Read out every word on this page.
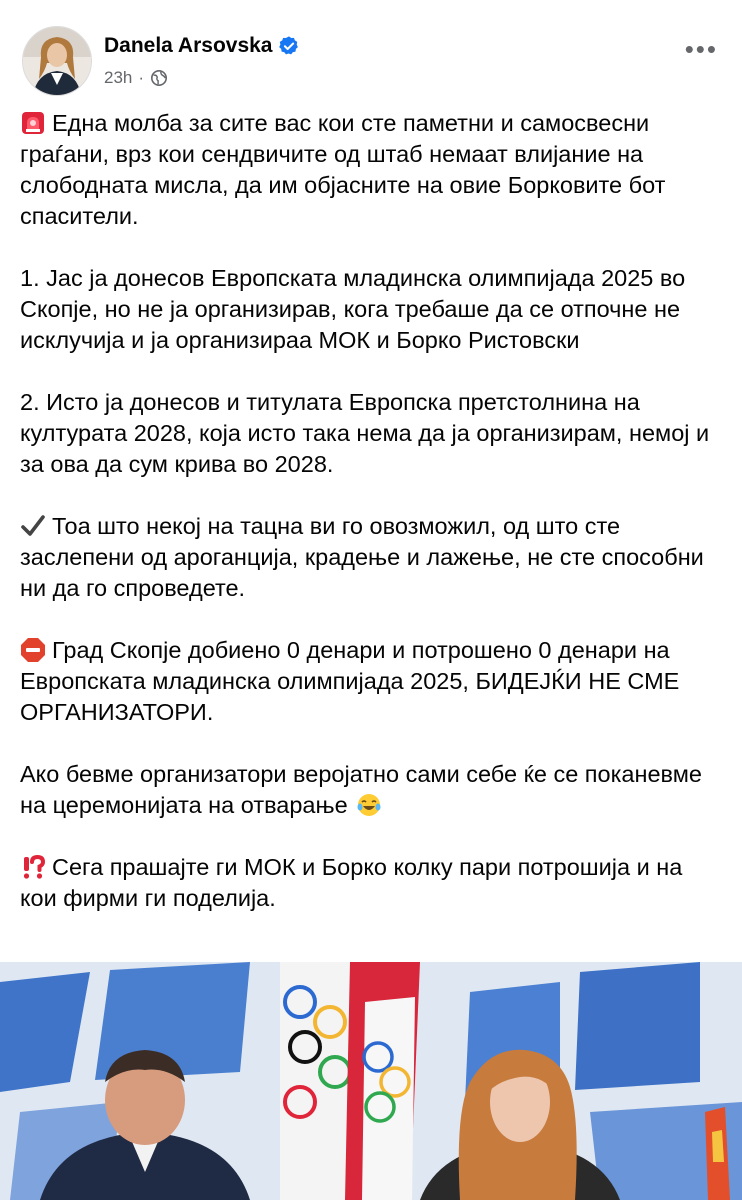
Danela Arsovska
23h ·
•••

Една молба за сите вас кои сте паметни и самосвесни граѓани, врз кои сендвичите од штаб немаат влијание на слободната мисла, да им објасните на овие Борковите бот спасители.

1. Јас ја донесов Европската младинска олимпијада 2025 во Скопје, но не ја организирав, кога требаше да се отпочне не исклучија и ја организираа МОК и Борко Ристовски

2. Исто ја донесов и титулата Европска претстолнина на културата 2028, која исто така нема да ја организирам, немој и за ова да сум крива во 2028.

Тоа што некој на тацна ви го овозможил, од што сте заслепени од ароганција, крадење и лажење, не сте способни ни да го спроведете.

Град Скопје добиено 0 денари и потрошено 0 денари на Европската младинска олимпијада 2025, БИДЕЈЌИ НЕ СМЕ ОРГАНИЗАТОРИ.

Ако бевме организатори веројатно сами себе ќе се поканевме на церемонијата на отварање

Сега прашајте ги МОК и Борко колку пари потрошија и на кои фирми ги поделија.
